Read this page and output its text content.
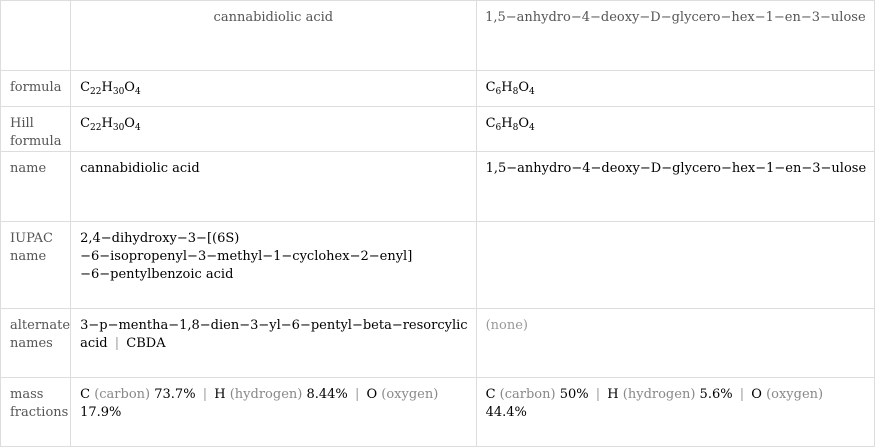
	cannabidiolic acid	1,5−anhydro−4−deoxy−D−glycero−hex−1−en−3−ulose
formula	$C_{22}H_{30}O_4$	$C_6H_8O_4$
Hill formula	$C_{22}H_{30}O_4$	$C_6H_8O_4$
name	cannabidiolic acid	1,5−anhydro−4−deoxy−D−glycero−hex−1−en−3−ulose
IUPAC name	2,4−dihydroxy−3−[(6S)−6−isopropenyl−3−methyl−1−cyclohex−2−enyl]−6−pentylbenzoic acid	
alternate names	3−p−mentha−1,8−dien−3−yl−6−pentyl−beta−resorcylic acid | CBDA	(none)
mass fractions	C (carbon) 73.7% | H (hydrogen) 8.44% | O (oxygen) 17.9%	C (carbon) 50% | H (hydrogen) 5.6% | O (oxygen) 44.4%
